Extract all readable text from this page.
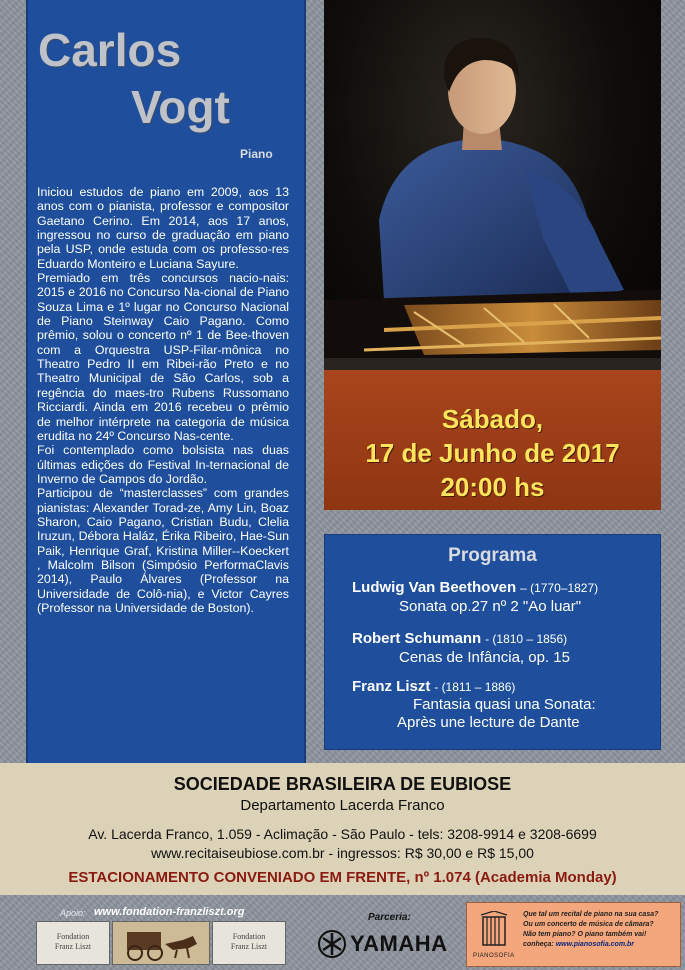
Carlos
Vogt
Piano

Iniciou estudos de piano em 2009, aos 13 anos com o pianista, professor e compositor Gaetano Cerino. Em 2014, aos 17 anos, ingressou no curso de graduação em piano pela USP, onde estuda com os professo-res Eduardo Monteiro e Luciana Sayure.

Premiado em três concursos nacio-nais: 2015 e 2016 no Concurso Na-cional de Piano Souza Lima e 1º lugar no Concurso Nacional de Piano Steinway Caio Pagano. Como prêmio, solou o concerto nº 1 de Bee-thoven com a Orquestra USP-Filar-mônica no Theatro Pedro II em Ribei-rão Preto e no Theatro Municipal de São Carlos, sob a regência do maes-tro Rubens Russomano Ricciardi. Ainda em 2016 recebeu o prêmio de melhor intérprete na categoria de música erudita no 24º Concurso Nas-cente.

Foi contemplado como bolsista nas duas últimas edições do Festival In-ternacional de Inverno de Campos do Jordão.

Participou de “masterclasses” com grandes pianistas: Alexander Torad-ze, Amy Lin, Boaz Sharon, Caio Pagano, Cristian Budu, Clelia Iruzun, Débora Haláz, Érika Ribeiro, Hae-Sun Paik, Henrique Graf, Kristina Miller--Koeckert , Malcolm Bilson (Simpósio PerformaClavis 2014), Paulo Álvares (Professor na Universidade de Colô-nia), e Victor Cayres (Professor na Universidade de Boston).

Sábado,
17 de Junho de 2017
20:00 hs
Programa
Ludwig Van Beethoven – (1770–1827)
Sonata op.27 nº 2 "Ao luar"
Robert Schumann - (1810 – 1856)
Cenas de Infância, op. 15
Franz Liszt - (1811 – 1886)
Fantasia quasi una Sonata:
Après une lecture de Dante
SOCIEDADE BRASILEIRA DE EUBIOSE
Departamento Lacerda Franco
Av. Lacerda Franco, 1.059 - Aclimação - São Paulo - tels: 3208-9914 e 3208-6699
www.recitaiseubiose.com.br - ingressos: R$ 30,00 e R$ 15,00
ESTACIONAMENTO CONVENIADO EM FRENTE, nº 1.074 (Academia Monday)
Apoio: www.fondation-franzliszt.org
Fondation
Franz Liszt
Fondation
Franz Liszt
Parceria:
YAMAHA	PIANOSOFIA
Que tal um recital de piano na sua casa?
Ou um concerto de música de câmara?
Não tem piano? O piano também vai!
conheça: www.pianosofia.com.br
